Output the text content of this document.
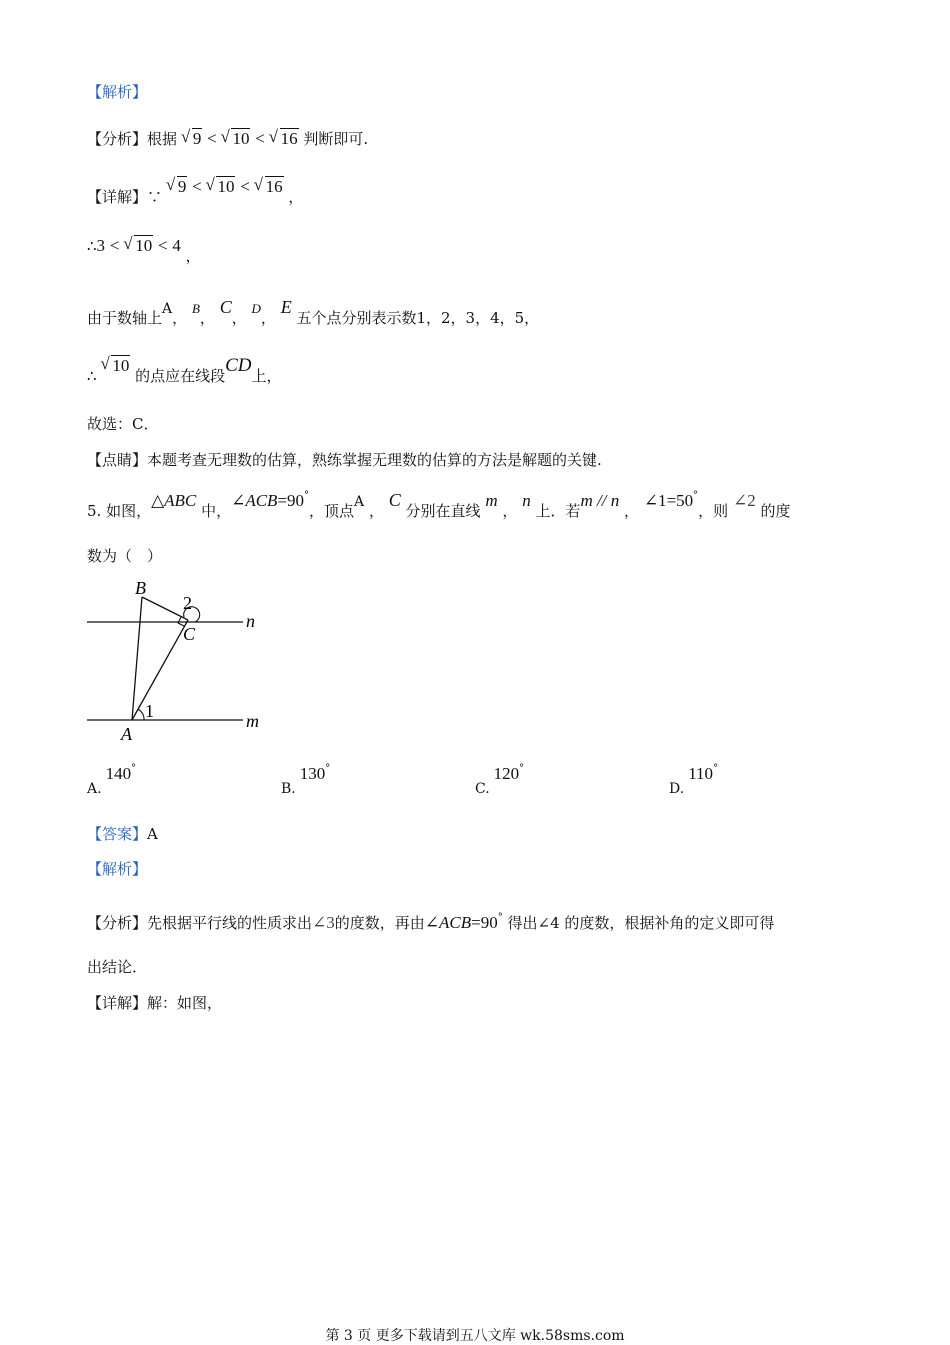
【解析】
【分析】根据 √ 9 < √ 10 < √ 16 判断即可.
【详解】∵ √ 9 < √ 10 < √ 16 ，
∴3 < √ 10 < 4 ，
由于数轴上A， B， C， D， E 五个点分别表示数1，2，3，4，5，
∴ √ 10 的点应在线段CD上，
故选：C．
【点睛】本题考查无理数的估算，熟练掌握无理数的估算的方法是解题的关键.
5. 如图，△ABC 中，∠ACB=90°，顶点A ， C 分别在直线 m ， n 上．若m // n ， ∠1=50°，则 ∠2 的度
数为（　）
B
2
C
n
1
A
m
A.140°
B.130°
C.120°
D.110°
【答案】A
【解析】
【分析】先根据平行线的性质求出∠3的度数，再由∠ACB=90° 得出∠4 的度数，根据补角的定义即可得
出结论．
【详解】解：如图，
第 3 页 更多下载请到五八文库 wk.58sms.com
